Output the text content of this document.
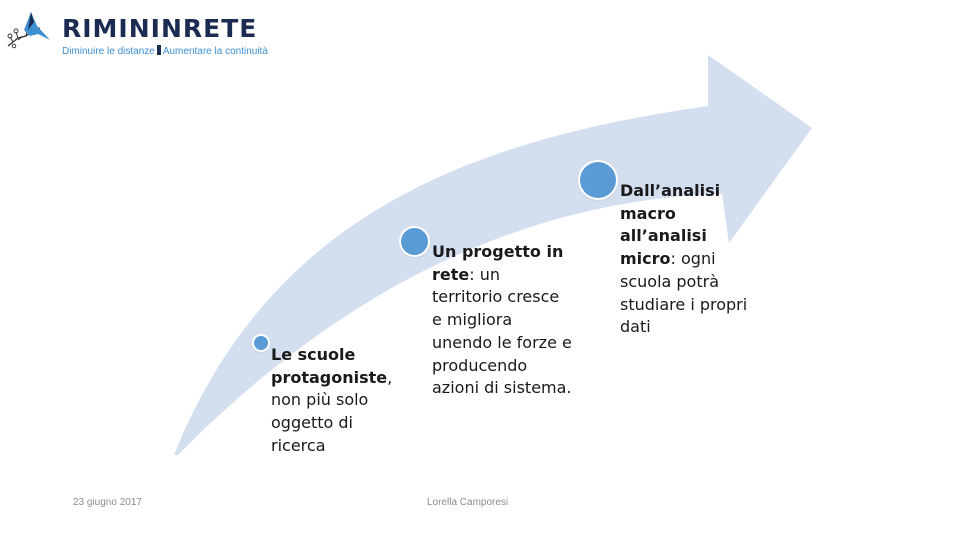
RIMININRETE
Diminuire le distanze Aumentare la continuità
Le scuole protagoniste, non più solo oggetto di ricerca
Un progetto in rete: un territorio cresce e migliora unendo le forze e producendo azioni di sistema.
Dall’analisi macro all’analisi micro: ogni scuola potrà studiare i propri dati
23 giugno 2017	Lorella Camporesi
